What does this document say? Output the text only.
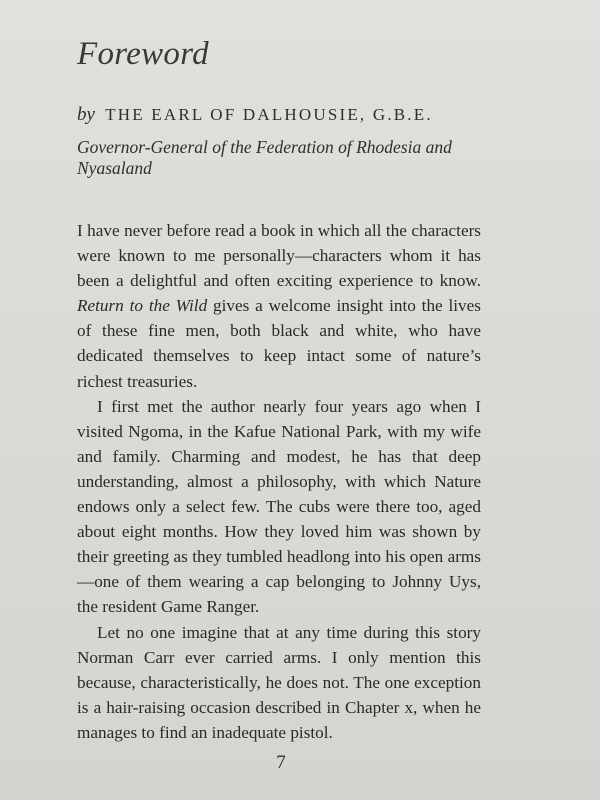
Foreword
by THE EARL OF DALHOUSIE, G.B.E.
Governor-General of the Federation of Rhodesia and Nyasaland

I have never before read a book in which all the characters were known to me personally—characters whom it has been a delightful and often exciting experience to know. Return to the Wild gives a welcome insight into the lives of these fine men, both black and white, who have dedicated themselves to keep intact some of nature’s richest treasuries.

I first met the author nearly four years ago when I visited Ngoma, in the Kafue National Park, with my wife and family. Charming and modest, he has that deep understanding, almost a philosophy, with which Nature endows only a select few. The cubs were there too, aged about eight months. How they loved him was shown by their greeting as they tumbled headlong into his open arms—one of them wearing a cap belonging to Johnny Uys, the resident Game Ranger.

Let no one imagine that at any time during this story Norman Carr ever carried arms. I only mention this because, characteristically, he does not. The one exception is a hair-raising occasion described in Chapter x, when he manages to find an inadequate pistol.

7
